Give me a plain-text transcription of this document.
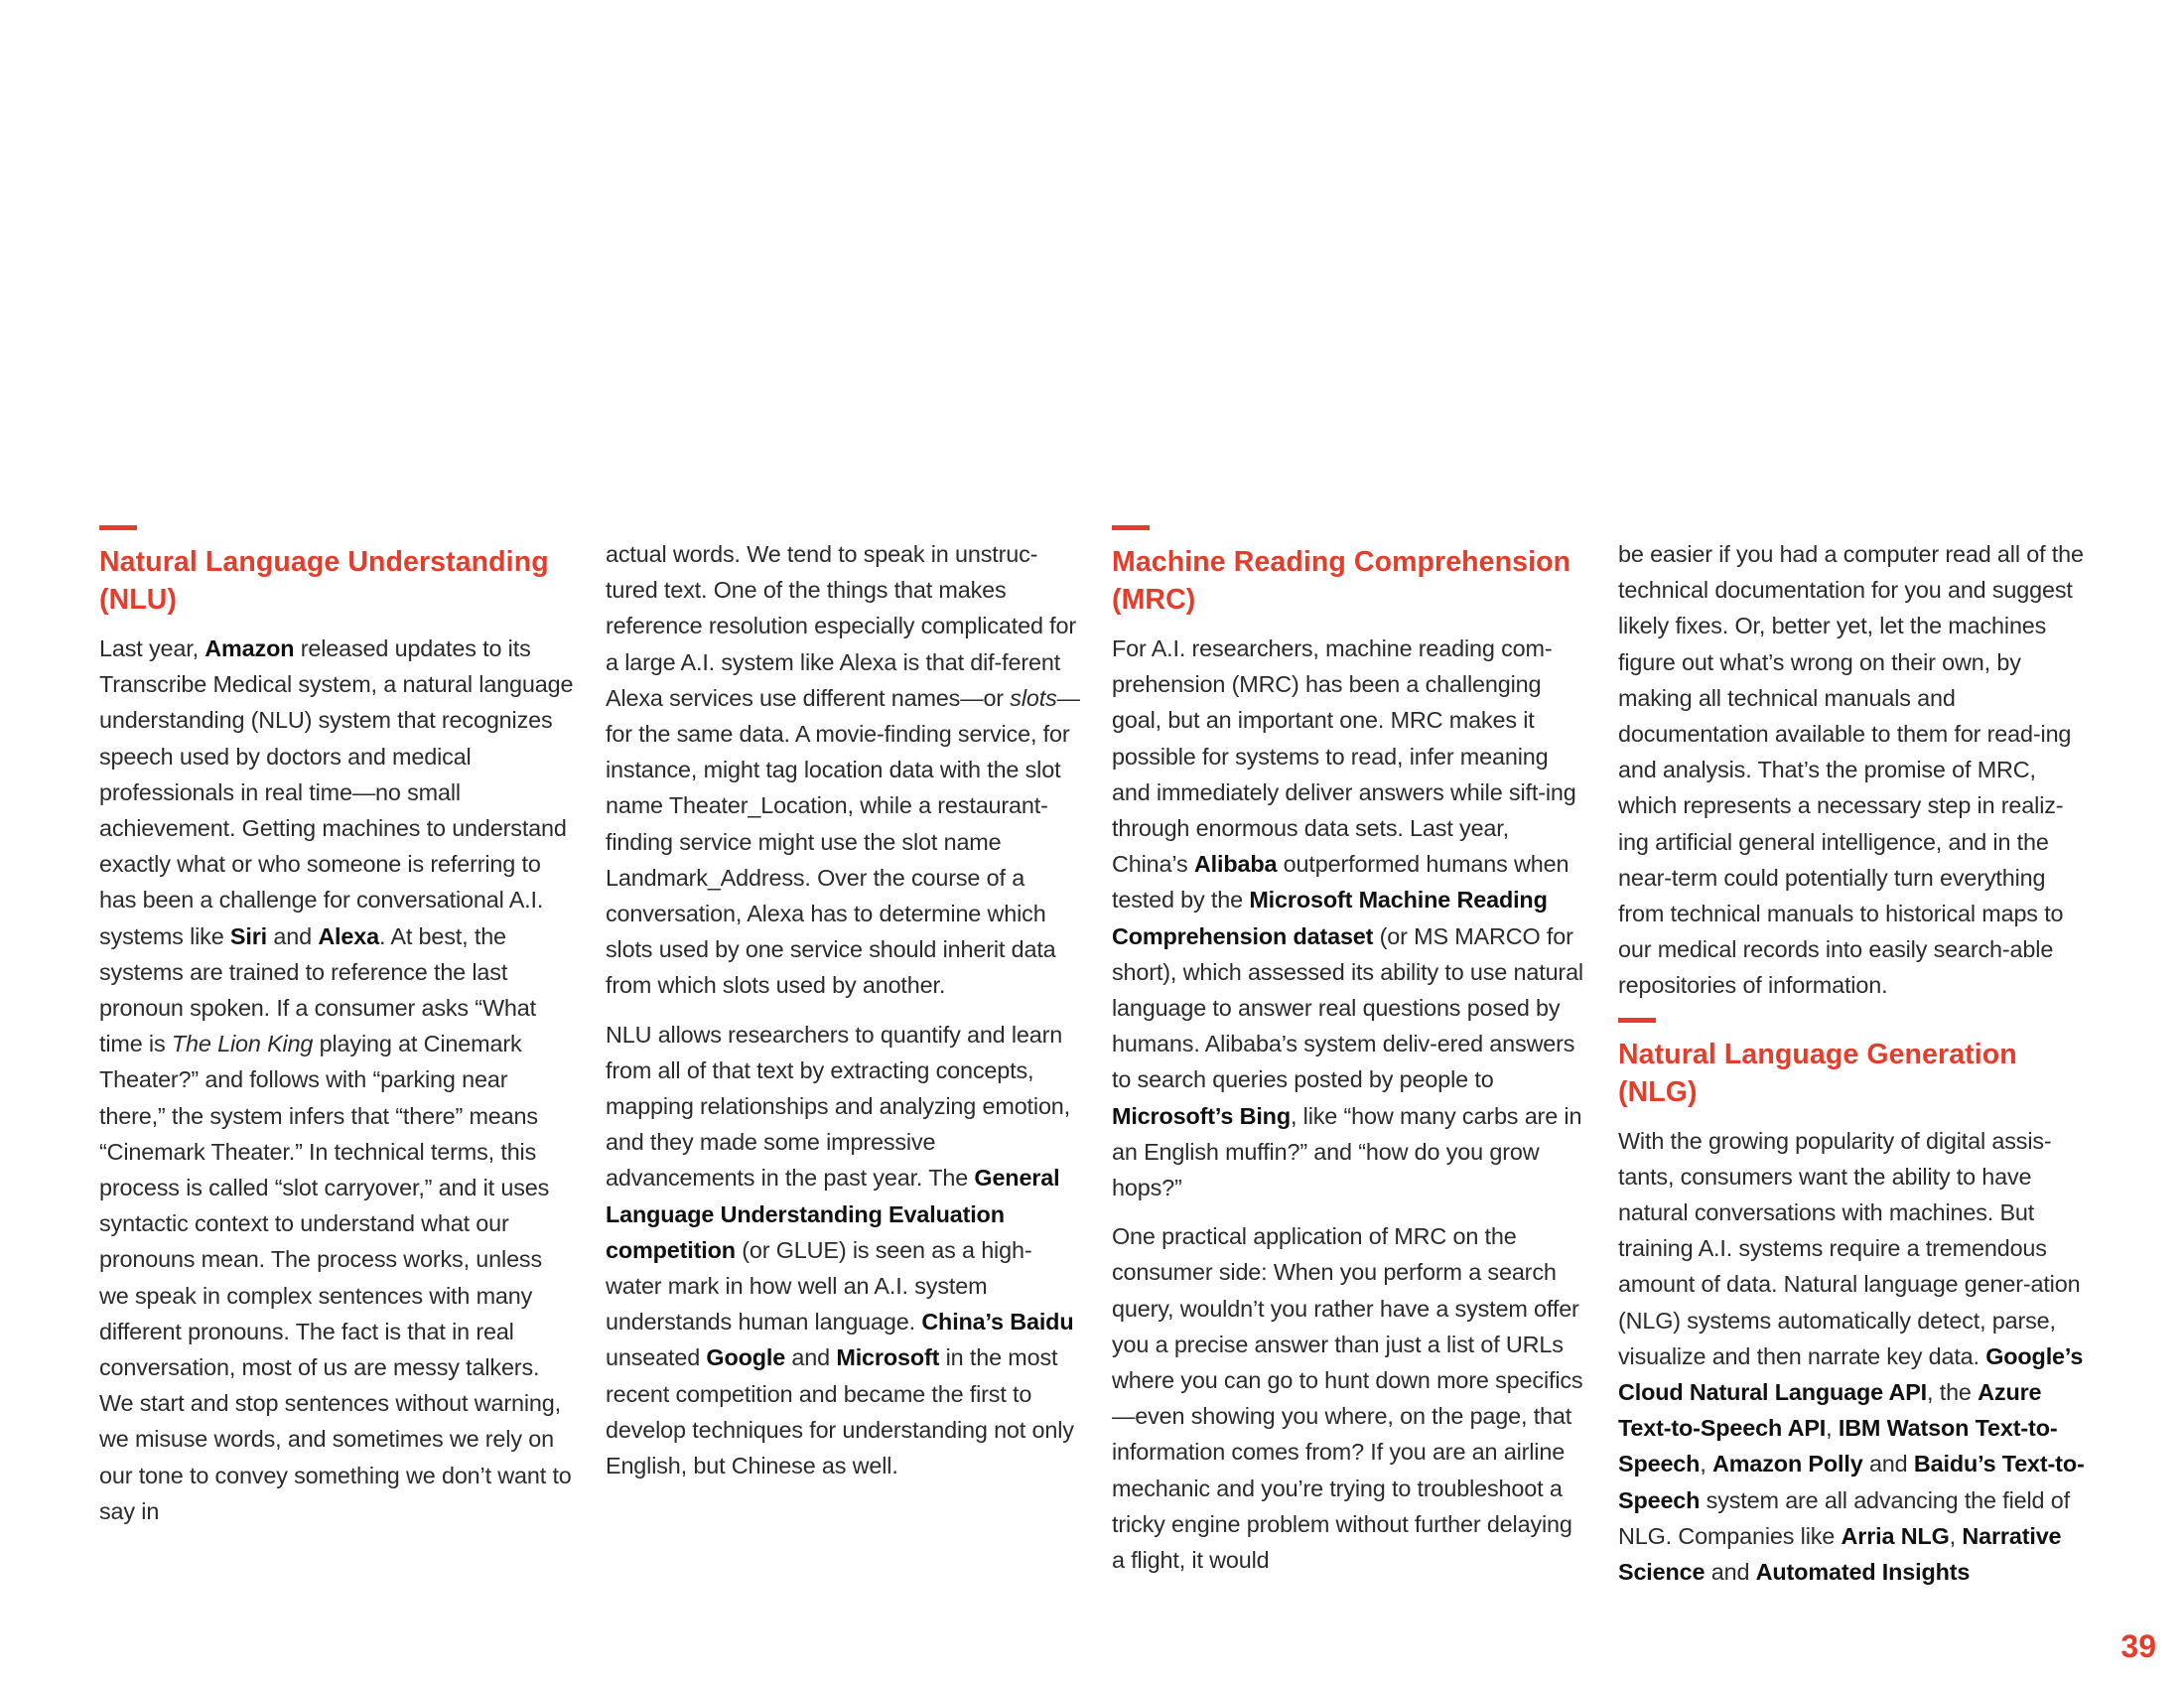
Natural Language Understanding (NLU)

Last year, Amazon released updates to its Transcribe Medical system, a natural language understanding (NLU) system that recognizes speech used by doctors and medical professionals in real time—no small achievement. Getting machines to understand exactly what or who someone is referring to has been a challenge for conversational A.I. systems like Siri and Alexa. At best, the systems are trained to reference the last pronoun spoken. If a consumer asks “What time is The Lion King playing at Cinemark Theater?” and follows with “parking near there,” the system infers that “there” means “Cinemark Theater.” In technical terms, this process is called “slot carryover,” and it uses syntactic context to understand what our pronouns mean. The process works, unless we speak in complex sentences with many different pronouns. The fact is that in real conversation, most of us are messy talkers. We start and stop sentences without warning, we misuse words, and sometimes we rely on our tone to convey something we don’t want to say in

actual words. We tend to speak in unstruc-tured text. One of the things that makes reference resolution especially complicated for a large A.I. system like Alexa is that dif-ferent Alexa services use different names—or slots—for the same data. A movie-finding service, for instance, might tag location data with the slot name Theater_Location, while a restaurant-finding service might use the slot name Landmark_Address. Over the course of a conversation, Alexa has to determine which slots used by one service should inherit data from which slots used by another.

NLU allows researchers to quantify and learn from all of that text by extracting concepts, mapping relationships and analyzing emotion, and they made some impressive advancements in the past year. The General Language Understanding Evaluation competition (or GLUE) is seen as a high-water mark in how well an A.I. system understands human language. China’s Baidu unseated Google and Microsoft in the most recent competition and became the first to develop techniques for understanding not only English, but Chinese as well.

Machine Reading Comprehension (MRC)

For A.I. researchers, machine reading com-prehension (MRC) has been a challenging goal, but an important one. MRC makes it possible for systems to read, infer meaning and immediately deliver answers while sift-ing through enormous data sets. Last year, China’s Alibaba outperformed humans when tested by the Microsoft Machine Reading Comprehension dataset (or MS MARCO for short), which assessed its ability to use natural language to answer real questions posed by humans. Alibaba’s system deliv-ered answers to search queries posted by people to Microsoft’s Bing, like “how many carbs are in an English muffin?” and “how do you grow hops?”

One practical application of MRC on the consumer side: When you perform a search query, wouldn’t you rather have a system offer you a precise answer than just a list of URLs where you can go to hunt down more specifics—even showing you where, on the page, that information comes from? If you are an airline mechanic and you’re trying to troubleshoot a tricky engine problem without further delaying a flight, it would

be easier if you had a computer read all of the technical documentation for you and suggest likely fixes. Or, better yet, let the machines figure out what’s wrong on their own, by making all technical manuals and documentation available to them for read-ing and analysis. That’s the promise of MRC, which represents a necessary step in realiz-ing artificial general intelligence, and in the near-term could potentially turn everything from technical manuals to historical maps to our medical records into easily search-able repositories of information.

Natural Language Generation (NLG)

With the growing popularity of digital assis-tants, consumers want the ability to have natural conversations with machines. But training A.I. systems require a tremendous amount of data. Natural language gener-ation (NLG) systems automatically detect, parse, visualize and then narrate key data. Google’s Cloud Natural Language API, the Azure Text-to-Speech API, IBM Watson Text-to-Speech, Amazon Polly and Baidu’s Text-to-Speech system are all advancing the field of NLG. Companies like Arria NLG, Narrative Science and Automated Insights

39
